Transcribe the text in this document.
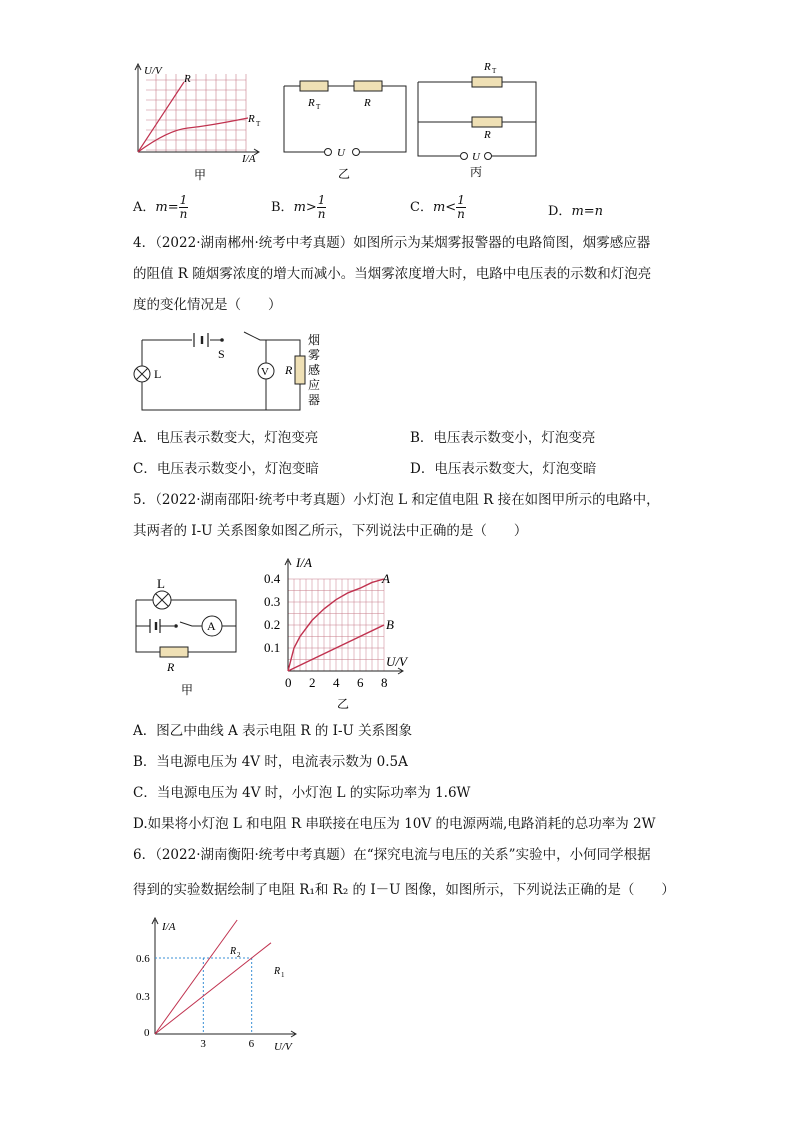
U/V
R
R T
I/A
甲
R T	R
U
乙
R T
R
U
丙
A．$m= \frac{1}{n}$	B．$m> \frac{1}{n}$	C．$m< \frac{1}{n}$	D．m=n
4．（2022·湖南郴州·统考中考真题）如图所示为某烟雾报警器的电路简图，烟雾感应器
的阻值 R 随烟雾浓度的增大而减小。当烟雾浓度增大时，电路中电压表的示数和灯泡亮
度的变化情况是（　　）
L
S
V R
烟
雾
感
应
器
A．电压表示数变大，灯泡变亮	B．电压表示数变小，灯泡变亮
C．电压表示数变小，灯泡变暗	D．电压表示数变大，灯泡变暗
5．（2022·湖南邵阳·统考中考真题）小灯泡 L 和定值电阻 R 接在如图甲所示的电路中，
其两者的 I-U 关系图象如图乙所示，下列说法中正确的是（　　）
L
A
R
甲	0 2 4 6 8
0.1
0.2
0.3
0.4
I/A
U/V
A
B
乙
A．图乙中曲线 A 表示电阻 R 的 I-U 关系图象
B．当电源电压为 4V 时，电流表示数为 0.5A
C．当电源电压为 4V 时，小灯泡 L 的实际功率为 1.6W
D.如果将小灯泡 L 和电阻 R 串联接在电压为 10V 的电源两端,电路消耗的总功率为 2W
6．（2022·湖南衡阳·统考中考真题）在“探究电流与电压的关系”实验中，小何同学根据
得到的实验数据绘制了电阻 R₁和 R₂ 的 I－U 图像，如图所示，下列说法正确的是（　　）
3	6
0.3
0.6
I/A
U/V
0
R 2
R 1
